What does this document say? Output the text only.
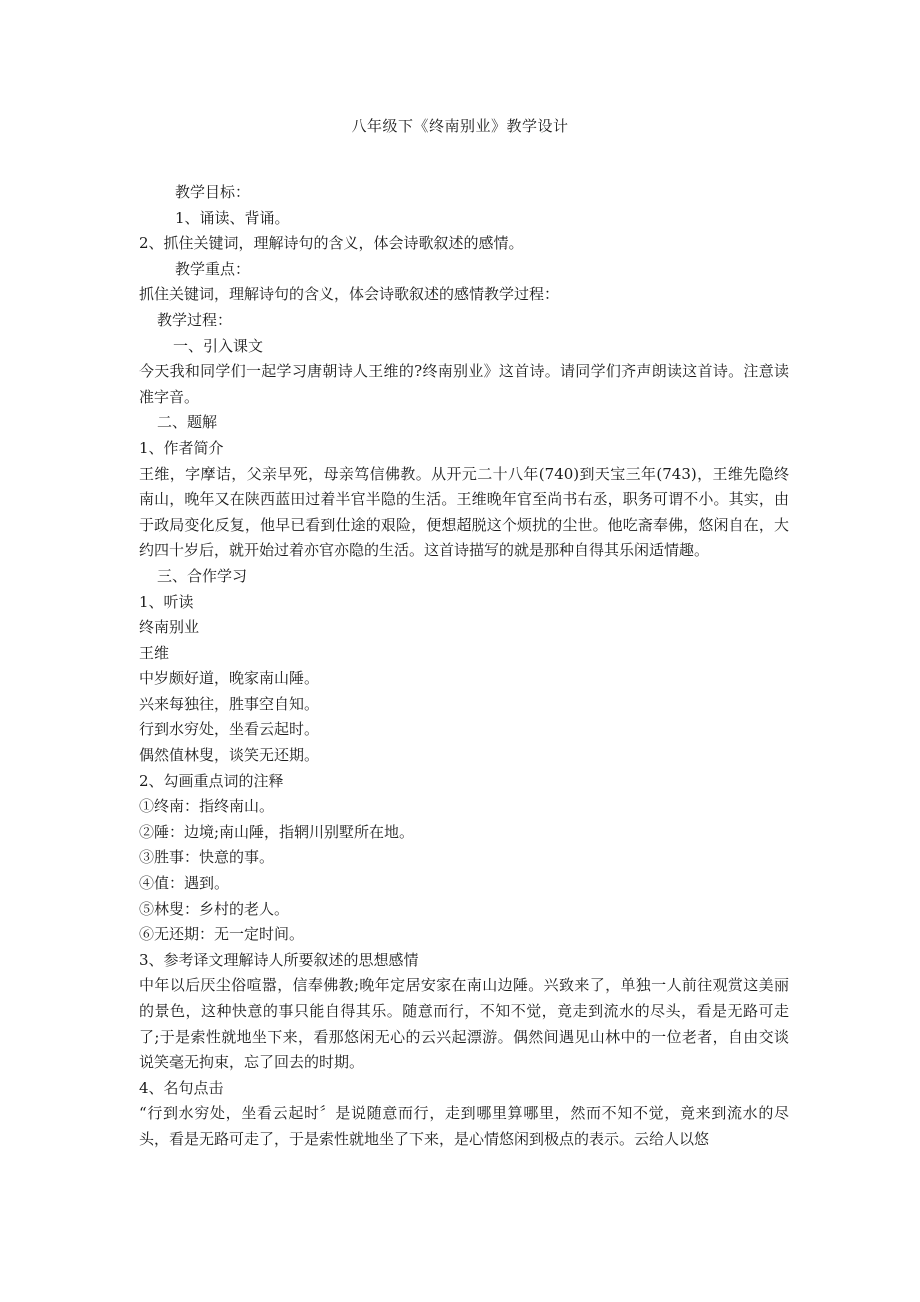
八年级下《终南别业》教学设计

教学目标：

1、诵读、背诵。

2、抓住关键词，理解诗句的含义，体会诗歌叙述的感情。

教学重点：

抓住关键词，理解诗句的含义，体会诗歌叙述的感情教学过程：

教学过程：

一、引入课文

今天我和同学们一起学习唐朝诗人王维的?终南别业》这首诗。请同学们齐声朗读这首诗。注意读准字音。

二、题解

1、作者简介

王维，字摩诘，父亲早死，母亲笃信佛教。从开元二十八年(740)到天宝三年(743)，王维先隐终南山，晚年又在陕西蓝田过着半官半隐的生活。王维晚年官至尚书右丞，职务可谓不小。其实，由于政局变化反复，他早已看到仕途的艰险，便想超脱这个烦扰的尘世。他吃斋奉佛，悠闲自在，大约四十岁后，就开始过着亦官亦隐的生活。这首诗描写的就是那种自得其乐闲适情趣。

三、合作学习

1、听读

终南别业

王维

中岁颇好道，晚家南山陲。

兴来每独往，胜事空自知。

行到水穷处，坐看云起时。

偶然值林叟，谈笑无还期。

2、勾画重点词的注释

①终南：指终南山。

②陲：边境;南山陲，指辋川别墅所在地。

③胜事：快意的事。

④值：遇到。

⑤林叟：乡村的老人。

⑥无还期：无一定时间。

3、参考译文理解诗人所要叙述的思想感情

中年以后厌尘俗喧嚣，信奉佛教;晚年定居安家在南山边陲。兴致来了，单独一人前往观赏这美丽的景色，这种快意的事只能自得其乐。随意而行，不知不觉，竟走到流水的尽头，看是无路可走了;于是索性就地坐下来，看那悠闲无心的云兴起漂游。偶然间遇见山林中的一位老者，自由交谈说笑毫无拘束，忘了回去的时期。

4、名句点击

“行到水穷处，坐看云起时〞是说随意而行，走到哪里算哪里，然而不知不觉，竟来到流水的尽头，看是无路可走了，于是索性就地坐了下来，是心情悠闲到极点的表示。云给人以悠
